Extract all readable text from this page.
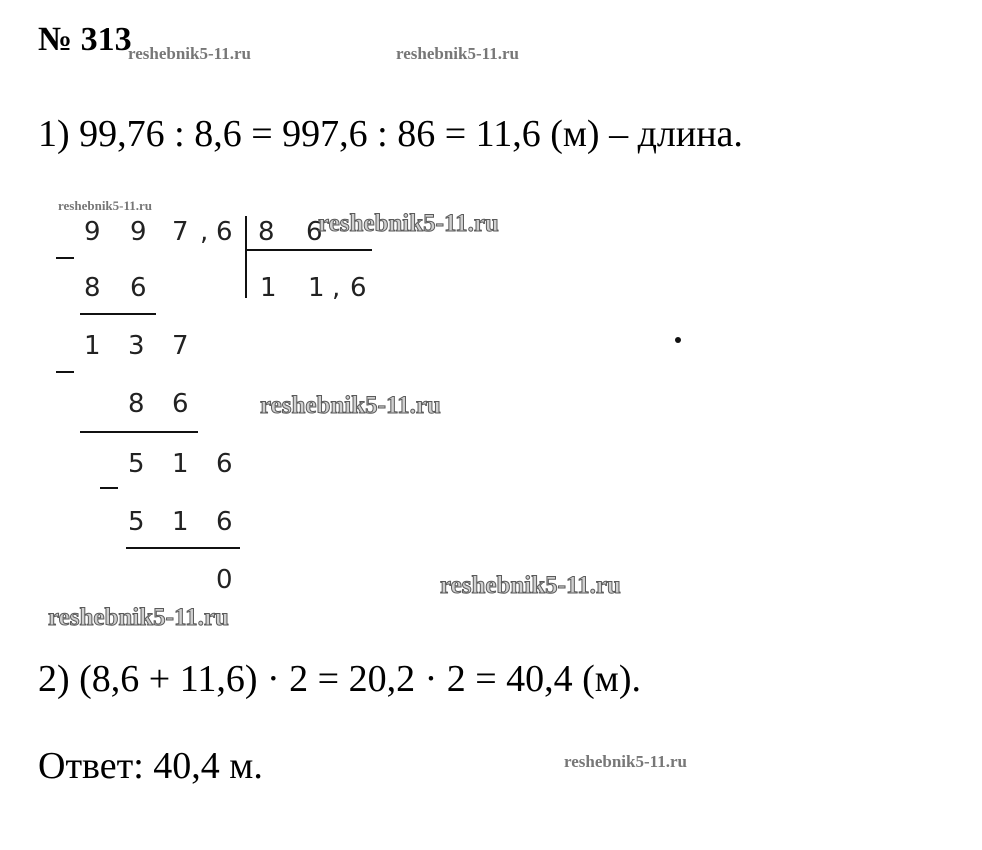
№ 313
1) 99,76 : 8,6 = 997,6 : 86 = 11,6 (м) – длина.
9 9 7 , 6 8 6
1 1 , 6
8 6
1 3 7
8 6
5 1 6
5 1 6
0
2) (8,6 + 11,6) · 2 = 20,2 · 2 = 40,4 (м).
Ответ: 40,4 м.
reshebnik5-11.ru	reshebnik5-11.ru
reshebnik5-11.ru
reshebnik5-11.ru
reshebnik5-11.ru
reshebnik5-11.ru
reshebnik5-11.ru
reshebnik5-11.ru
